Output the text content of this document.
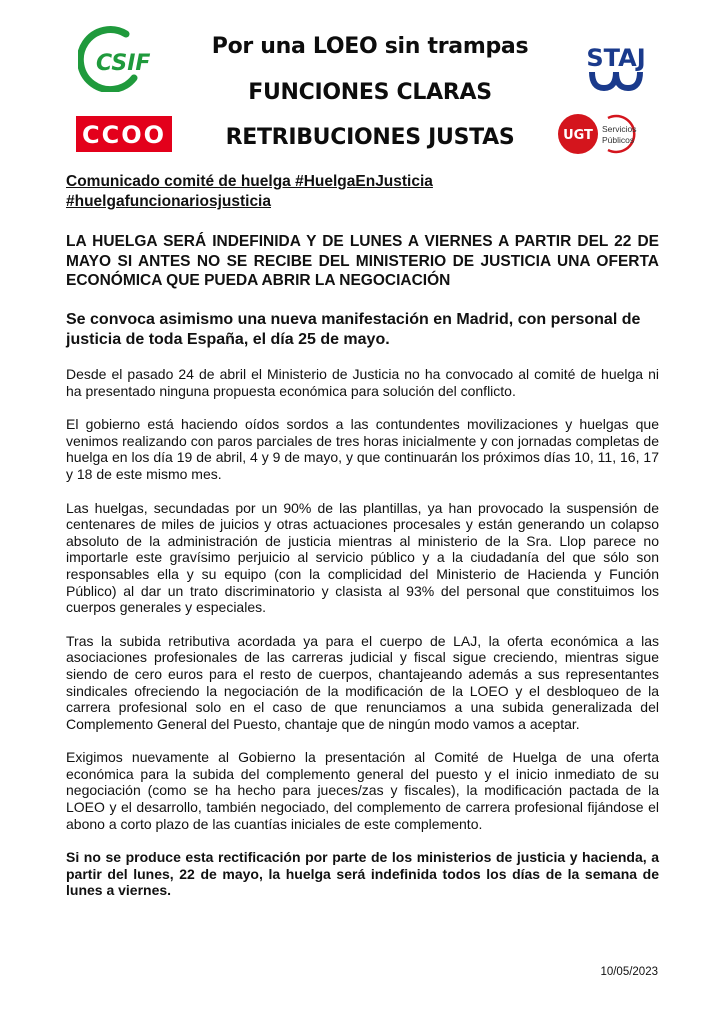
CSIF
CCOO
STAJ
UGT Servicios
Públicos
Por una LOEO sin trampas
FUNCIONES CLARAS
RETRIBUCIONES JUSTAS
Comunicado comité de huelga #HuelgaEnJusticia
#huelgafuncionariosjusticia
LA HUELGA SERÁ INDEFINIDA Y DE LUNES A VIERNES A PARTIR DEL 22 DE MAYO SI ANTES NO SE RECIBE DEL MINISTERIO DE JUSTICIA UNA OFERTA ECONÓMICA QUE PUEDA ABRIR LA NEGOCIACIÓN
Se convoca asimismo una nueva manifestación en Madrid, con personal de justicia de toda España, el día 25 de mayo.

Desde el pasado 24 de abril el Ministerio de Justicia no ha convocado al comité de huelga ni ha presentado ninguna propuesta económica para solución del conflicto.

El gobierno está haciendo oídos sordos a las contundentes movilizaciones y huelgas que venimos realizando con paros parciales de tres horas inicialmente y con jornadas completas de huelga en los día 19 de abril, 4 y 9 de mayo, y que continuarán los próximos días 10, 11, 16, 17 y 18 de este mismo mes.

Las huelgas, secundadas por un 90% de las plantillas, ya han provocado la suspensión de centenares de miles de juicios y otras actuaciones procesales y están generando un colapso absoluto de la administración de justicia mientras al ministerio de la Sra. Llop parece no importarle este gravísimo perjuicio al servicio público y a la ciudadanía del que sólo son responsables ella y su equipo (con la complicidad del Ministerio de Hacienda y Función Público) al dar un trato discriminatorio y clasista al 93% del personal que constituimos los cuerpos generales y especiales.

Tras la subida retributiva acordada ya para el cuerpo de LAJ, la oferta económica a las asociaciones profesionales de las carreras judicial y fiscal sigue creciendo, mientras sigue siendo de cero euros para el resto de cuerpos, chantajeando además a sus representantes sindicales ofreciendo la negociación de la modificación de la LOEO y el desbloqueo de la carrera profesional solo en el caso de que renunciamos a una subida generalizada del Complemento General del Puesto, chantaje que de ningún modo vamos a aceptar.

Exigimos nuevamente al Gobierno la presentación al Comité de Huelga de una oferta económica para la subida del complemento general del puesto y el inicio inmediato de su negociación (como se ha hecho para jueces/zas y fiscales), la modificación pactada de la LOEO y el desarrollo, también negociado, del complemento de carrera profesional fijándose el abono a corto plazo de las cuantías iniciales de este complemento.

Si no se produce esta rectificación por parte de los ministerios de justicia y hacienda, a partir del lunes, 22 de mayo, la huelga será indefinida todos los días de la semana de lunes a viernes.

10/05/2023
